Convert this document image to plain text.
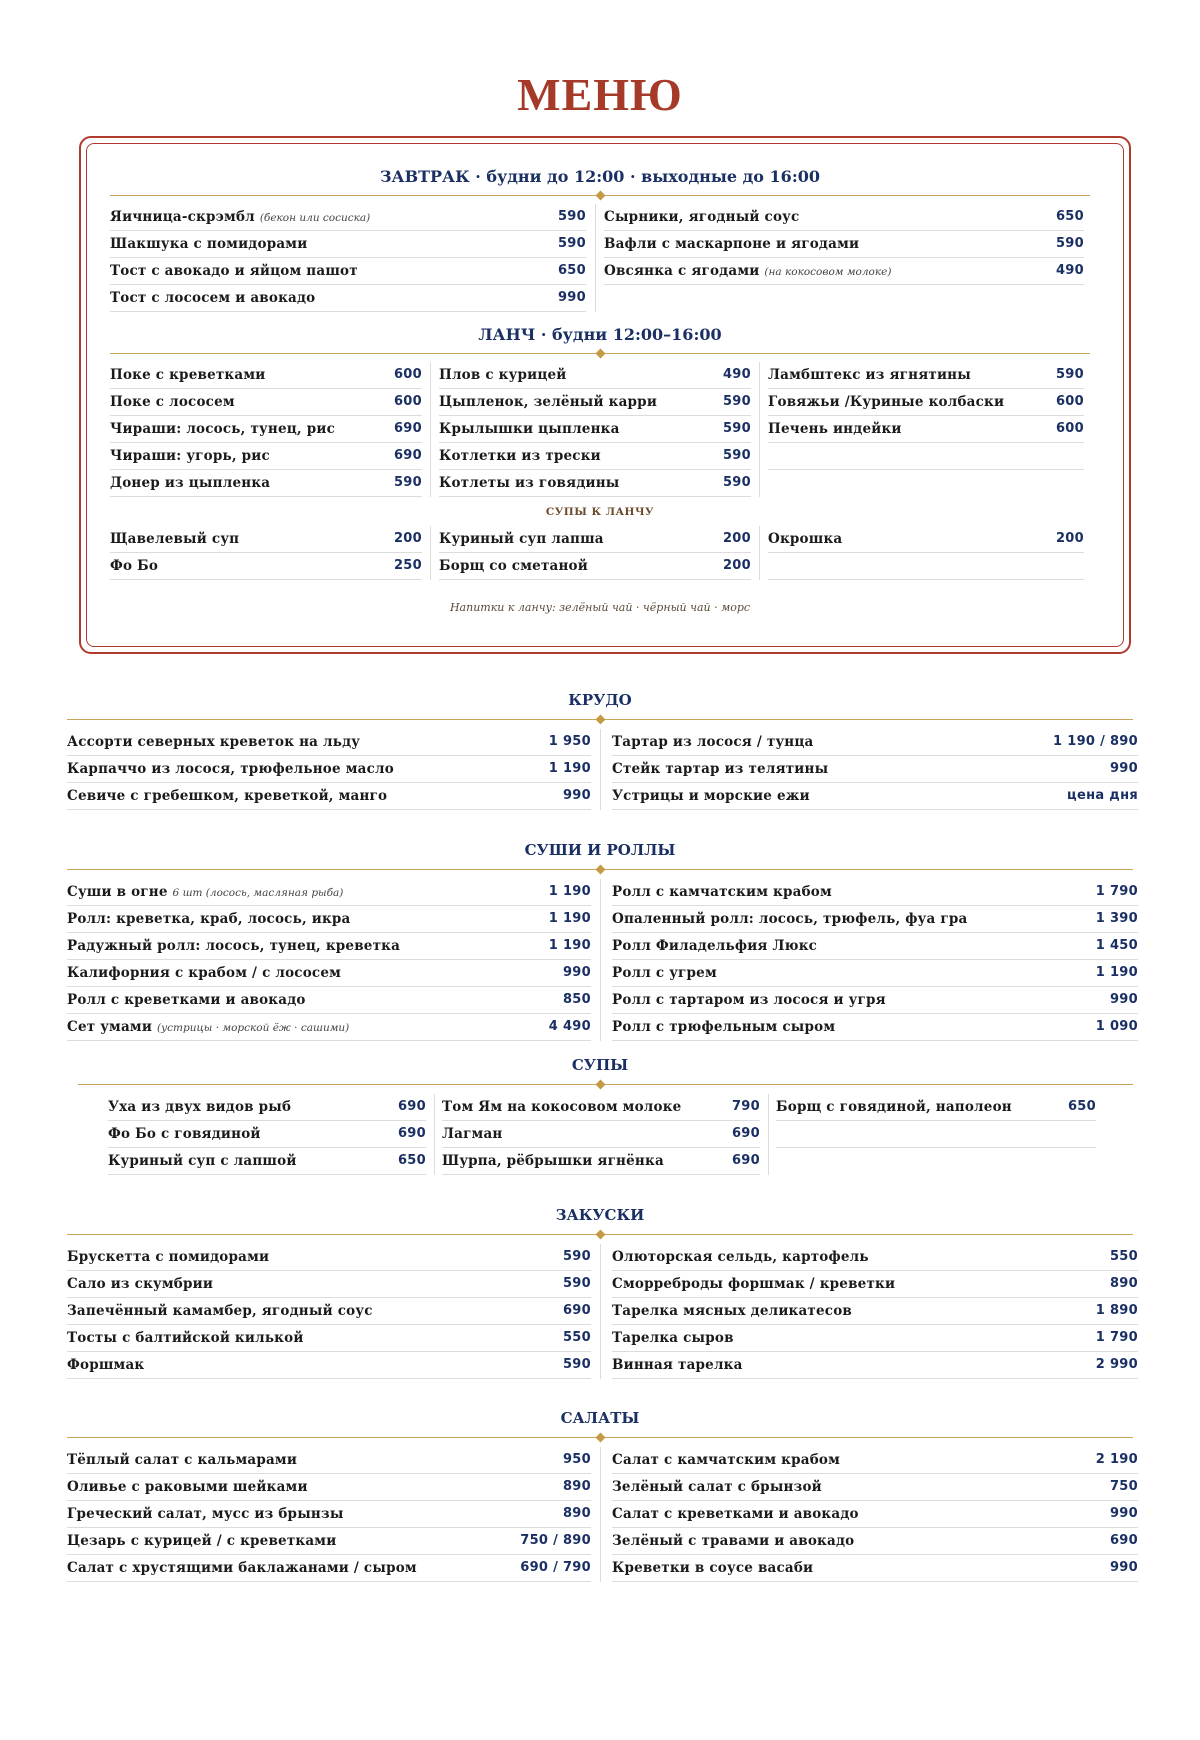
МЕНЮ
ЗАВТРАК · будни до 12:00 · выходные до 16:00
Яичница-скрэмбл (бекон или сосиска)	590
Шакшука с помидорами	590
Тост с авокадо и яйцом пашот	650
Тост с лососем и авокадо	990
Сырники, ягодный соус	650
Вафли с маскарпоне и ягодами	590
Овсянка с ягодами (на кокосовом молоке)	490
ЛАНЧ · будни 12:00–16:00
Поке с креветками	600
Поке с лососем	600
Чираши: лосось, тунец, рис	690
Чираши: угорь, рис	690
Донер из цыпленка	590
Плов с курицей	490
Цыпленок, зелёный карри	590
Крылышки цыпленка	590
Котлетки из трески	590
Котлеты из говядины	590
Ламбштекс из ягнятины	590
Говяжьи /Куриные колбаски	600
Печень индейки	600
СУПЫ К ЛАНЧУ
Щавелевый суп	200
Фо Бо	250
Куриный суп лапша	200
Борщ со сметаной	200
Окрошка	200
Напитки к ланчу: зелёный чай · чёрный чай · морс
КРУДО
Ассорти северных креветок на льду	1 950
Карпаччо из лосося, трюфельное масло	1 190
Севиче с гребешком, креветкой, манго	990
Тартар из лосося / тунца	1 190 / 890
Стейк тартар из телятины	990
Устрицы и морские ежи	цена дня
СУШИ И РОЛЛЫ
Суши в огне 6 шт (лосось, масляная рыба)	1 190
Ролл: креветка, краб, лосось, икра	1 190
Радужный ролл: лосось, тунец, креветка	1 190
Калифорния с крабом / с лососем	990
Ролл с креветками и авокадо	850
Сет умами (устрицы · морской ёж · сашими)	4 490
Ролл с камчатским крабом	1 790
Опаленный ролл: лосось, трюфель, фуа гра	1 390
Ролл Филадельфия Люкс	1 450
Ролл с угрем	1 190
Ролл с тартаром из лосося и угря	990
Ролл с трюфельным сыром	1 090
СУПЫ
Уха из двух видов рыб	690
Фо Бо с говядиной	690
Куриный суп с лапшой	650
Том Ям на кокосовом молоке	790
Лагман	690
Шурпа, рёбрышки ягнёнка	690
Борщ с говядиной, наполеон	650
ЗАКУСКИ
Брускетта с помидорами	590
Сало из скумбрии	590
Запечённый камамбер, ягодный соус	690
Тосты с балтийской килькой	550
Форшмак	590
Олюторская сельдь, картофель	550
Сморреброды форшмак / креветки	890
Тарелка мясных деликатесов	1 890
Тарелка сыров	1 790
Винная тарелка	2 990
САЛАТЫ
Тёплый салат с кальмарами	950
Оливье с раковыми шейками	890
Греческий салат, мусс из брынзы	890
Цезарь с курицей / с креветками	750 / 890
Салат с хрустящими баклажанами / сыром	690 / 790
Салат с камчатским крабом	2 190
Зелёный салат с брынзой	750
Салат с креветками и авокадо	990
Зелёный с травами и авокадо	690
Креветки в соусе васаби	990
